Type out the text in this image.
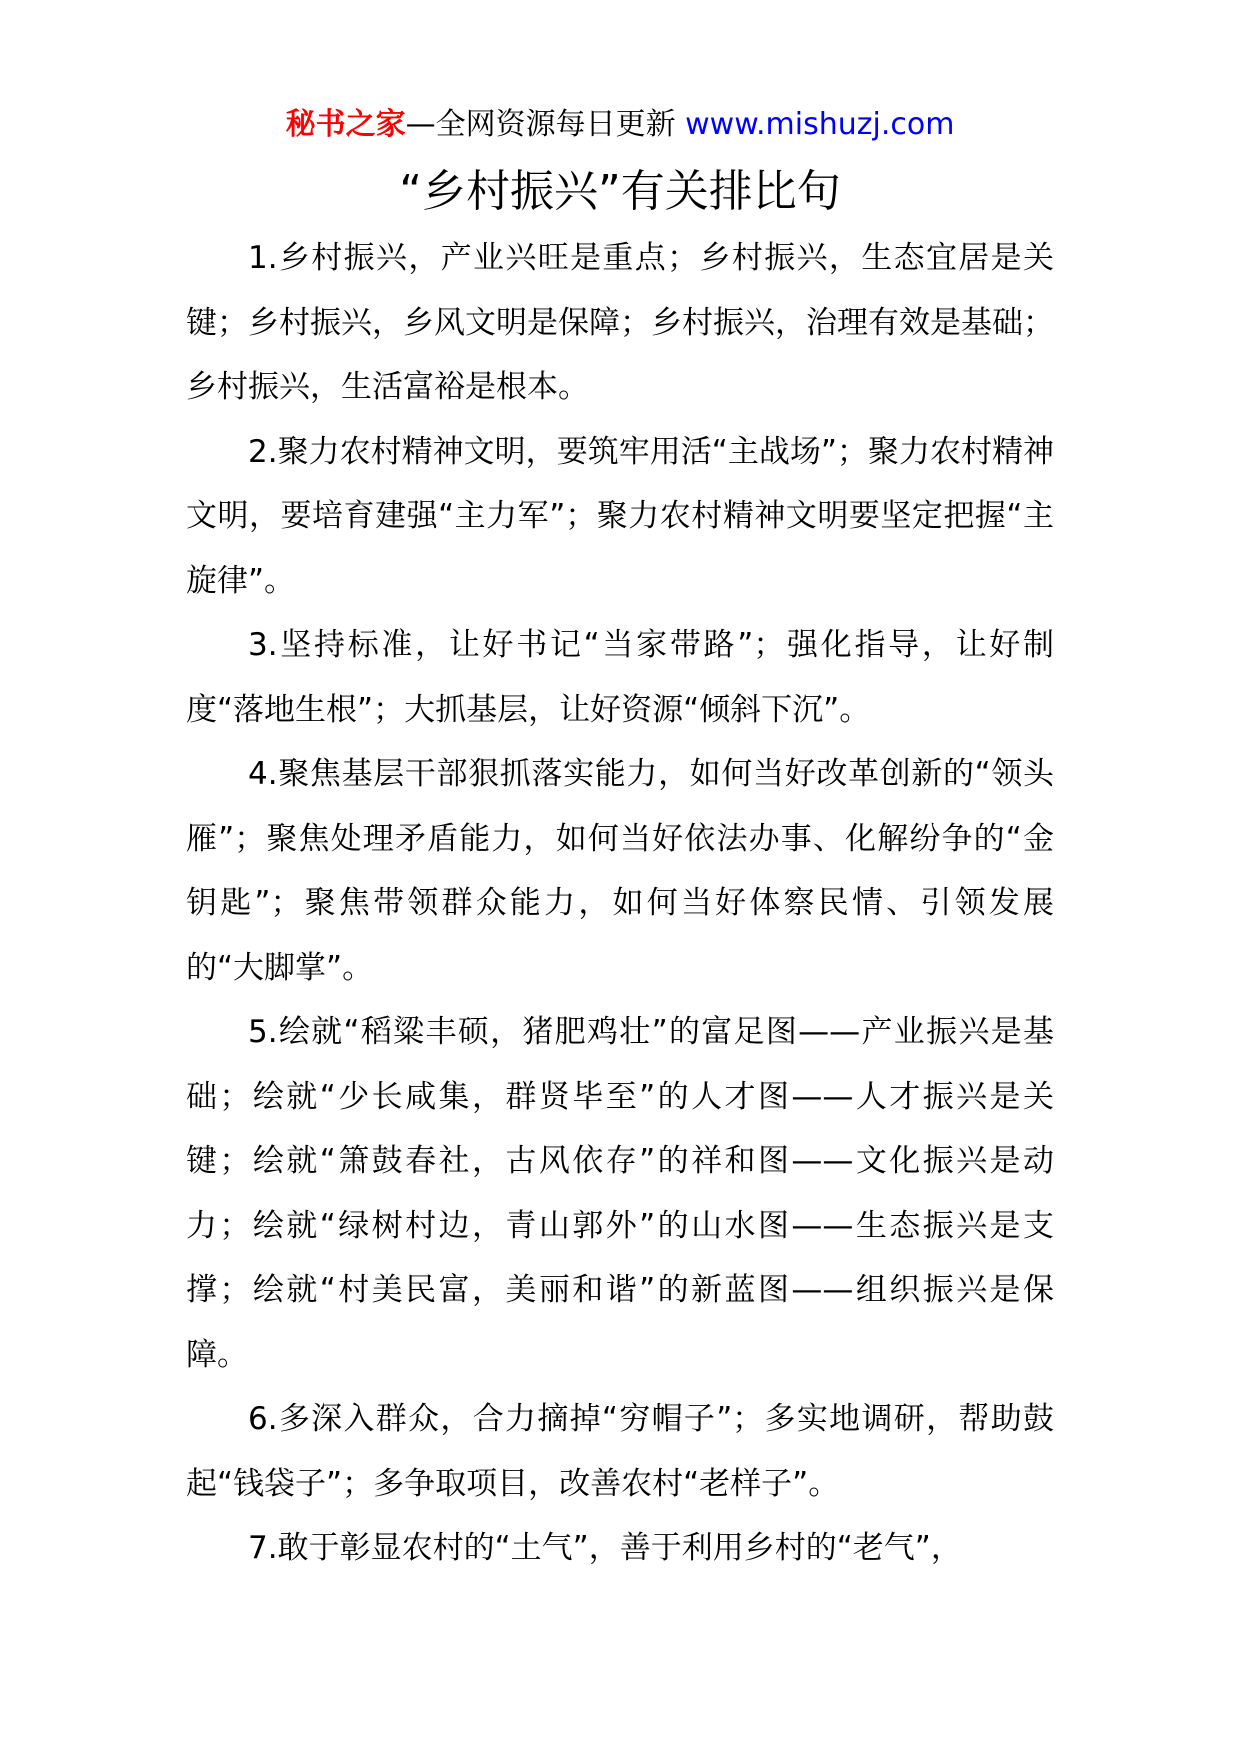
秘书之家—全网资源每日更新 www.mishuzj.com
“乡村振兴”有关排比句

1.乡村振兴，产业兴旺是重点；乡村振兴，生态宜居是关键；乡村振兴，乡风文明是保障；乡村振兴，治理有效是基础；乡村振兴，生活富裕是根本。

2.聚力农村精神文明，要筑牢用活“主战场”；聚力农村精神文明，要培育建强“主力军”；聚力农村精神文明要坚定把握“主旋律”。

3.坚持标准，让好书记“当家带路”；强化指导，让好制度“落地生根”；大抓基层，让好资源“倾斜下沉”。

4.聚焦基层干部狠抓落实能力，如何当好改革创新的“领头雁”；聚焦处理矛盾能力，如何当好依法办事、化解纷争的“金钥匙”；聚焦带领群众能力，如何当好体察民情、引领发展的“大脚掌”。

5.绘就“稻粱丰硕，猪肥鸡壮”的富足图——产业振兴是基础；绘就“少长咸集，群贤毕至”的人才图——人才振兴是关键；绘就“箫鼓春社，古风依存”的祥和图——文化振兴是动力；绘就“绿树村边，青山郭外”的山水图——生态振兴是支撑；绘就“村美民富，美丽和谐”的新蓝图——组织振兴是保障。

6.多深入群众，合力摘掉“穷帽子”；多实地调研，帮助鼓起“钱袋子”；多争取项目，改善农村“老样子”。

7.敢于彰显农村的“土气”，善于利用乡村的“老气”，
